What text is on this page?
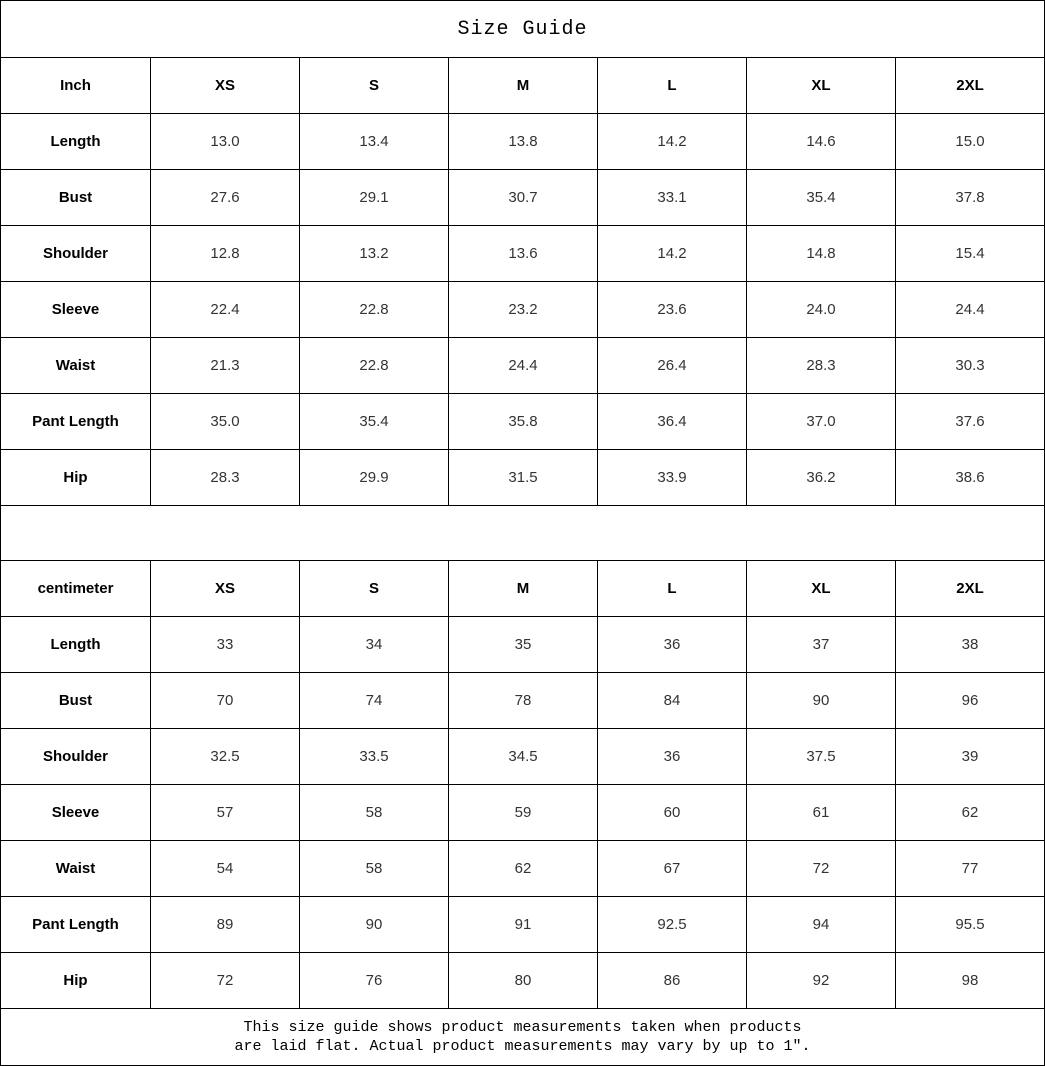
Size Guide						
Inch	XS	S	M	L	XL	2XL
Length	13.0	13.4	13.8	14.2	14.6	15.0
Bust	27.6	29.1	30.7	33.1	35.4	37.8
Shoulder	12.8	13.2	13.6	14.2	14.8	15.4
Sleeve	22.4	22.8	23.2	23.6	24.0	24.4
Waist	21.3	22.8	24.4	26.4	28.3	30.3
Pant Length	35.0	35.4	35.8	36.4	37.0	37.6
Hip	28.3	29.9	31.5	33.9	36.2	38.6

centimeter	XS	S	M	L	XL	2XL
Length	33	34	35	36	37	38
Bust	70	74	78	84	90	96
Shoulder	32.5	33.5	34.5	36	37.5	39
Sleeve	57	58	59	60	61	62
Waist	54	58	62	67	72	77
Pant Length	89	90	91	92.5	94	95.5
Hip	72	76	80	86	92	98

This size guide shows product measurements taken when products
are laid flat. Actual product measurements may vary by up to 1″.						
